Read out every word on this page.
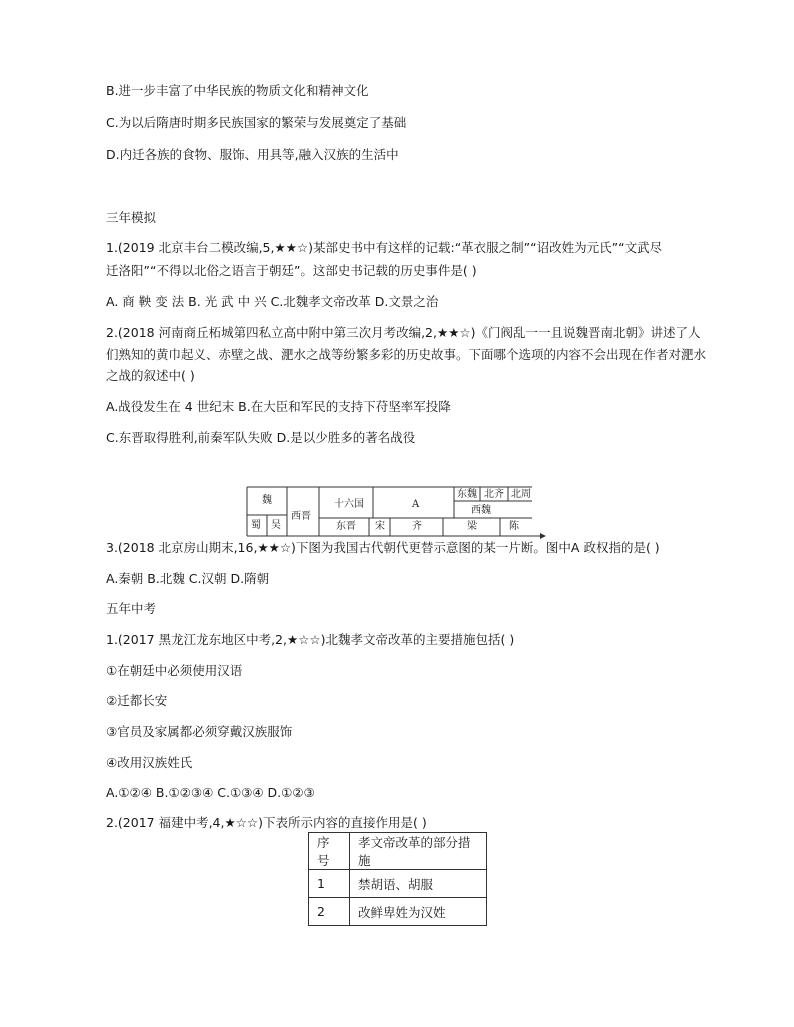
B.进一步丰富了中华民族的物质文化和精神文化
C.为以后隋唐时期多民族国家的繁荣与发展奠定了基础
D.内迁各族的食物、服饰、用具等,融入汉族的生活中
三年模拟
1.(2019 北京丰台二模改编,5,★★☆)某部史书中有这样的记载:“革衣服之制”“诏改姓为元氏”“文武尽
迁洛阳”“不得以北俗之语言于朝廷”。这部史书记载的历史事件是( )
A. 商 鞅 变 法 B. 光 武 中 兴 C.北魏孝文帝改革 D.文景之治
2.(2018 河南商丘柘城第四私立高中附中第三次月考改编,2,★★☆)《门阀乱一一且说魏晋南北朝》讲述了人
们熟知的黄巾起义、赤壁之战、淝水之战等纷繁多彩的历史故事。下面哪个选项的内容不会出现在作者对淝水
之战的叙述中( )
A.战役发生在 4 世纪末 B.在大臣和军民的支持下苻坚率军投降
C.东晋取得胜利,前秦军队失败 D.是以少胜多的著名战役
魏
蜀 吴
西晋
十六国	A
东魏 北齐 北周
西魏
东晋 宋	齐	梁	陈
3.(2018 北京房山期末,16,★★☆)下图为我国古代朝代更替示意图的某一片断。图中A 政权指的是( )
A.秦朝 B.北魏 C.汉朝 D.隋朝
五年中考
1.(2017 黑龙江龙东地区中考,2,★☆☆)北魏孝文帝改革的主要措施包括( )
①在朝廷中必须使用汉语
②迁都长安
③官员及家属都必须穿戴汉族服饰
④改用汉族姓氏
A.①②④ B.①②③④ C.①③④ D.①②③
2.(2017 福建中考,4,★☆☆)下表所示内容的直接作用是( )
序号	孝文帝改革的部分措施
1	禁胡语、胡服
2	改鲜卑姓为汉姓
